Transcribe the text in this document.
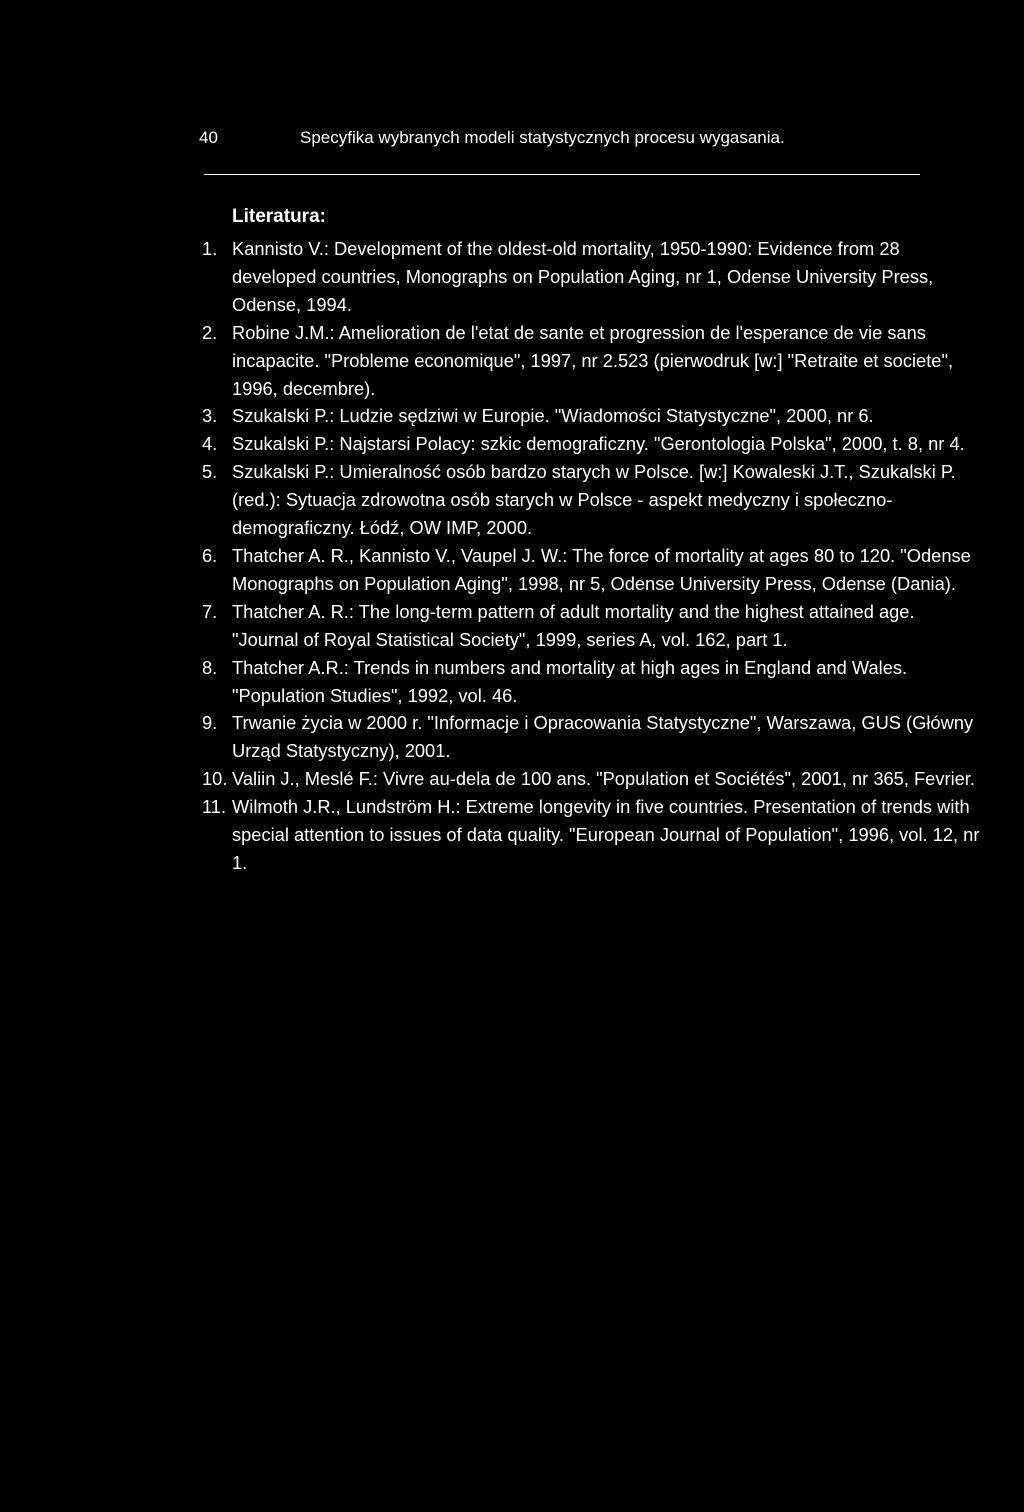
40	Specyfika wybranych modeli statystycznych procesu wygasania.
Literatura:
1. Kannisto V.: Development of the oldest-old mortality, 1950-1990: Evidence from 28 developed countries, Monographs on Population Aging, nr 1, Odense University Press, Odense, 1994.
2. Robine J.M.: Amelioration de l'etat de sante et progression de l'esperance de vie sans incapacite. "Probleme economique", 1997, nr 2.523 (pierwodruk [w:] "Retraite et societe", 1996, decembre).
3. Szukalski P.: Ludzie sędziwi w Europie. "Wiadomości Statystyczne", 2000, nr 6.
4. Szukalski P.: Najstarsi Polacy: szkic demograficzny. "Gerontologia Polska", 2000, t. 8, nr 4.
5. Szukalski P.: Umieralność osób bardzo starych w Polsce. [w:] Kowaleski J.T., Szukalski P. (red.): Sytuacja zdrowotna osób starych w Polsce - aspekt medyczny i społeczno-demograficzny. Łódź, OW IMP, 2000.
6. Thatcher A. R., Kannisto V., Vaupel J. W.: The force of mortality at ages 80 to 120. "Odense Monographs on Population Aging", 1998, nr 5, Odense University Press, Odense (Dania).
7. Thatcher A. R.: The long-term pattern of adult mortality and the highest attained age. "Journal of Royal Statistical Society", 1999, series A, vol. 162, part 1.
8. Thatcher A.R.: Trends in numbers and mortality at high ages in England and Wales. "Population Studies", 1992, vol. 46.
9. Trwanie życia w 2000 r. "Informacje i Opracowania Statystyczne", Warszawa, GUS (Główny Urząd Statystyczny), 2001.
10. Valiin J., Meslé F.: Vivre au-dela de 100 ans. "Population et Sociétés", 2001, nr 365, Fevrier.
11. Wilmoth J.R., Lundström H.: Extreme longevity in five countries. Presentation of trends with special attention to issues of data quality. "European Journal of Population", 1996, vol. 12, nr 1.
